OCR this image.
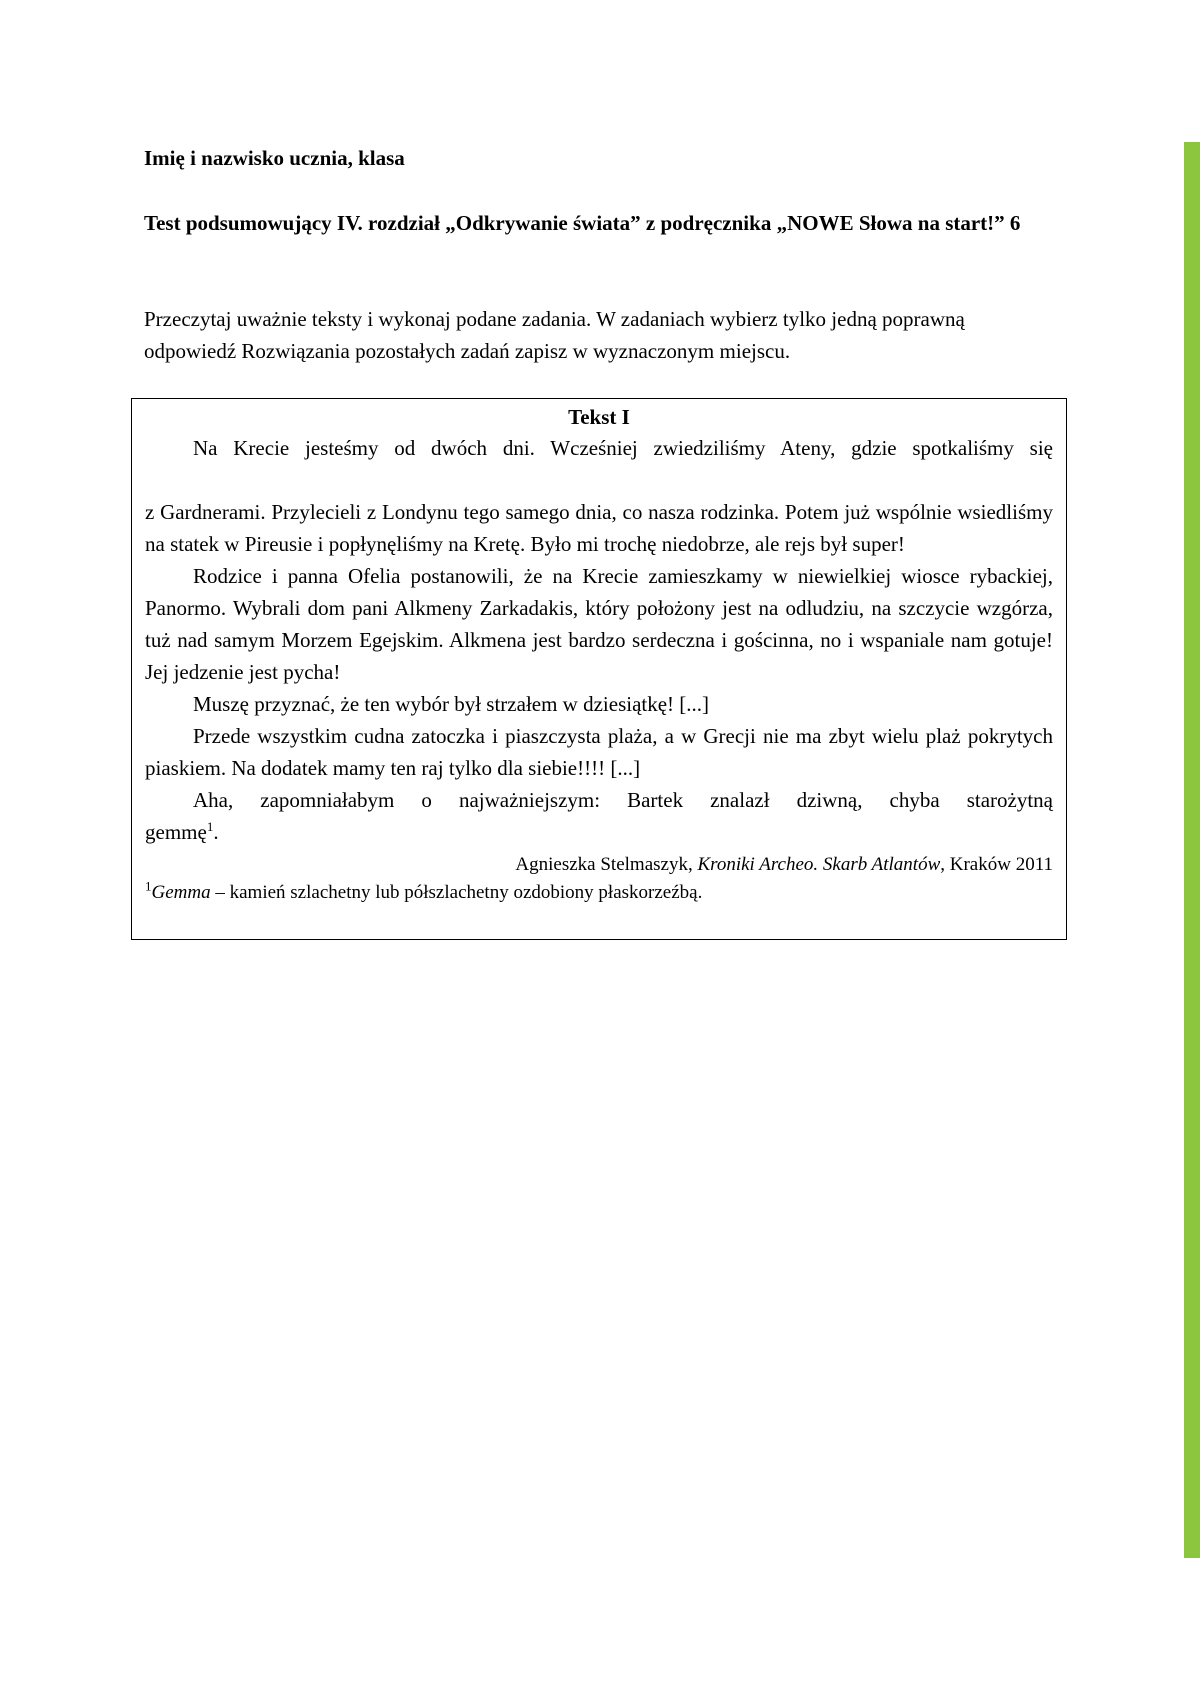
Imię i nazwisko ucznia, klasa
Test podsumowujący IV. rozdział „Odkrywanie świata” z podręcznika „NOWE Słowa na start!” 6
Przeczytaj uważnie teksty i wykonaj podane zadania. W zadaniach wybierz tylko jedną poprawną odpowiedź Rozwiązania pozostałych zadań zapisz w wyznaczonym miejscu.
Tekst I

Na Krecie jesteśmy od dwóch dni. Wcześniej zwiedziliśmy Ateny, gdzie spotkaliśmy się

z Gardnerami. Przylecieli z Londynu tego samego dnia, co nasza rodzinka. Potem już wspólnie wsiedliśmy na statek w Pireusie i popłynęliśmy na Kretę. Było mi trochę niedobrze, ale rejs był super!

Rodzice i panna Ofelia postanowili, że na Krecie zamieszkamy w niewielkiej wiosce rybackiej, Panormo. Wybrali dom pani Alkmeny Zarkadakis, który położony jest na odludziu, na szczycie wzgórza, tuż nad samym Morzem Egejskim. Alkmena jest bardzo serdeczna i gościnna, no i wspaniale nam gotuje! Jej jedzenie jest pycha!

Muszę przyznać, że ten wybór był strzałem w dziesiątkę! [...]

Przede wszystkim cudna zatoczka i piaszczysta plaża, a w Grecji nie ma zbyt wielu plaż pokrytych piaskiem. Na dodatek mamy ten raj tylko dla siebie!!!! [...]

Aha, zapomniałabym o najważniejszym: Bartek znalazł dziwną, chyba starożytną

gemmę$^1$.

Agnieszka Stelmaszyk, Kroniki Archeo. Skarb Atlantów, Kraków 2011

$^1$Gemma – kamień szlachetny lub półszlachetny ozdobiony płaskorzeźbą.
